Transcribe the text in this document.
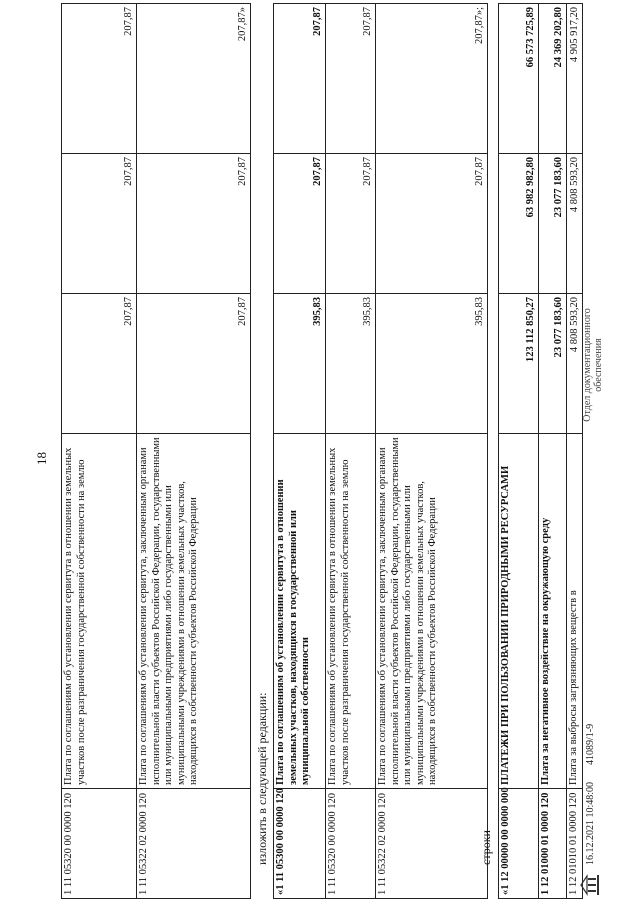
18
1 11 05320 00 0000 120	Плата по соглашениям об установлении сервитута в отношении земельных участков после разграничения государственной собственности на землю	207,87	207,87	207,87
1 11 05322 02 0000 120	Плата по соглашениям об установлении сервитута, заключенным органами исполнительной власти субъектов Российской Федерации, государственными или муниципальными предприятиями либо государственными или муниципальными учреждениями в отношении земельных участков, находящихся в собственности субъектов Российской Федерации	207,87	207,87	207,87»
изложить в следующей редакции: «1 11 05300 00 0000 120	Плата по соглашениям об установлении сервитута в отношении земельных участков, находящихся в государственной или муниципальной собственности	395,83	207,87	207,87
1 11 05320 00 0000 120	Плата по соглашениям об установлении сервитута в отношении земельных участков после разграничения государственной собственности на землю	395,83	207,87	207,87
1 11 05322 02 0000 120	Плата по соглашениям об установлении сервитута, заключенным органами исполнительной власти субъектов Российской Федерации, государственными или муниципальными предприятиями либо государственными или муниципальными учреждениями в отношении земельных участков, находящихся в собственности субъектов Российской Федерации	395,83	207,87	207,87»;
строки «1 12 00000 00 0000 000	ПЛАТЕЖИ ПРИ ПОЛЬЗОВАНИИ ПРИРОДНЫМИ РЕСУРСАМИ	123 112 850,27	63 982 982,80	66 573 725,89
1 12 01000 01 0000 120	Плата за негативное воздействие на окружающую среду	23 077 183,60	23 077 183,60	24 369 202,80
1 12 01010 01 0000 120	Плата за выбросы загрязняющих веществ в	4 808 593,20	4 808 593,20	4 905 917,20
16.12.2021 10:48:00
41089/1-9
Отдел документационного обеспечения
